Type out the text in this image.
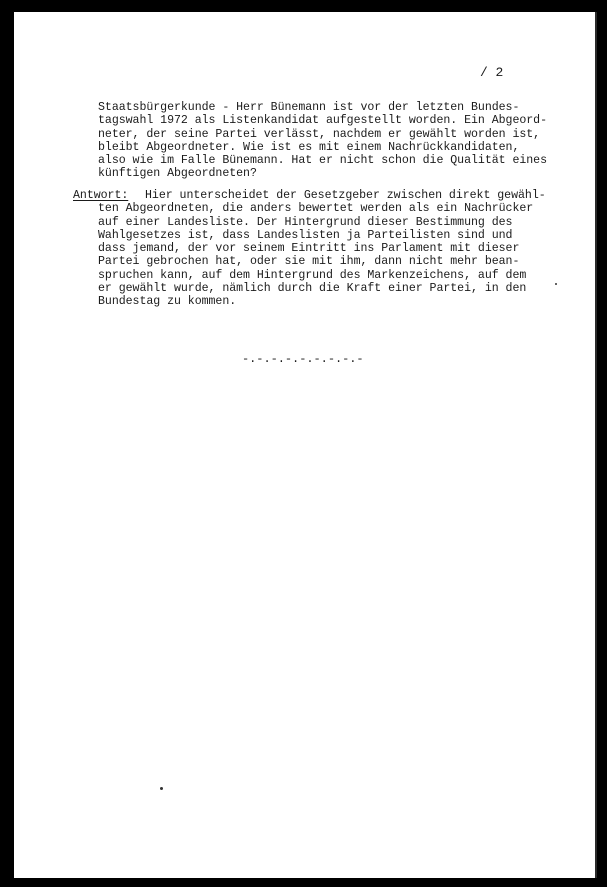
/ 2
Staatsbürgerkunde - Herr Bünemann ist vor der letzten Bundes-
tagswahl 1972 als Listenkandidat aufgestellt worden. Ein Abgeord-
neter, der seine Partei verlässt, nachdem er gewählt worden ist,
bleibt Abgeordneter. Wie ist es mit einem Nachrückkandidaten,
also wie im Falle Bünemann. Hat er nicht schon die Qualität eines
künftigen Abgeordneten?
Antwort: Hier unterscheidet der Gesetzgeber zwischen direkt gewähl-
ten Abgeordneten, die anders bewertet werden als ein Nachrücker
auf einer Landesliste. Der Hintergrund dieser Bestimmung des
Wahlgesetzes ist, dass Landeslisten ja Parteilisten sind und
dass jemand, der vor seinem Eintritt ins Parlament mit dieser
Partei gebrochen hat, oder sie mit ihm, dann nicht mehr bean-
spruchen kann, auf dem Hintergrund des Markenzeichens, auf dem
er gewählt wurde, nämlich durch die Kraft einer Partei, in den
Bundestag zu kommen.
-.-.-.-.-.-.-.-.-
